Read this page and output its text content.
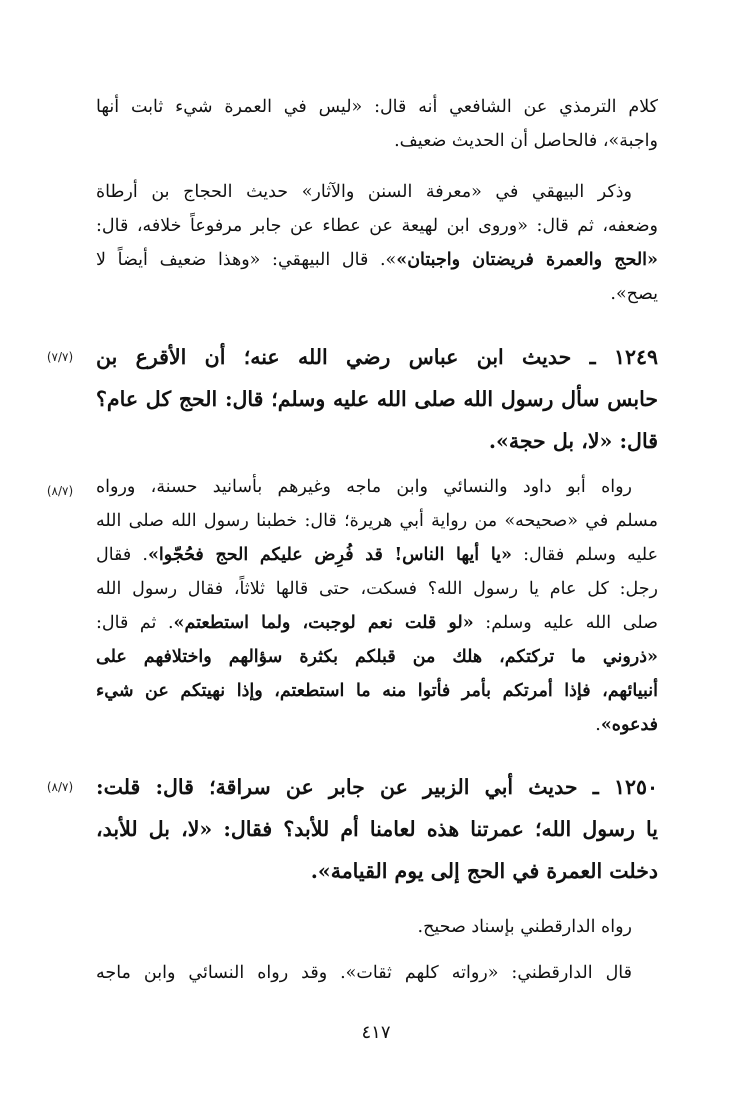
كلام الترمذي عن الشافعي أنه قال: «ليس في العمرة شيء ثابت أنها
واجبة»، فالحاصل أن الحديث ضعيف.
وذكر البيهقي في «معرفة السنن والآثار» حديث الحجاج بن أرطاة
وضعفه، ثم قال: «وروى ابن لهيعة عن عطاء عن جابر مرفوعاً خلافه، قال:
«الحج والعمرة فريضتان واجبتان»». قال البيهقي: «وهذا ضعيف أيضاً لا
يصح».
(٧/٧)	١٢٤٩ ـ حديث ابن عباس رضي الله عنه؛ أن الأقرع بن
حابس سأل رسول الله صلى الله عليه وسلم؛ قال: الحج كل عام؟
قال: «لا، بل حجة».
(٨/٧)	رواه أبو داود والنسائي وابن ماجه وغيرهم بأسانيد حسنة، ورواه
مسلم في «صحيحه» من رواية أبي هريرة؛ قال: خطبنا رسول الله صلى الله
عليه وسلم فقال: «يا أيها الناس! قد فُرِض عليكم الحج فحُجّوا». فقال
رجل: كل عام يا رسول الله؟ فسكت، حتى قالها ثلاثاً، فقال رسول الله
صلى الله عليه وسلم: «لو قلت نعم لوجبت، ولما استطعتم». ثم قال:
«ذروني ما تركتكم، هلك من قبلكم بكثرة سؤالهم واختلافهم على
أنبيائهم، فإذا أمرتكم بأمر فأتوا منه ما استطعتم، وإذا نهيتكم عن شيء
فدعوه».
(٨/٧)	١٢٥٠ ـ حديث أبي الزبير عن جابر عن سراقة؛ قال: قلت:
يا رسول الله؛ عمرتنا هذه لعامنا أم للأبد؟ فقال: «لا، بل للأبد،
دخلت العمرة في الحج إلى يوم القيامة».
رواه الدارقطني بإسناد صحيح.
قال الدارقطني: «رواته كلهم ثقات». وقد رواه النسائي وابن ماجه
٤١٧
